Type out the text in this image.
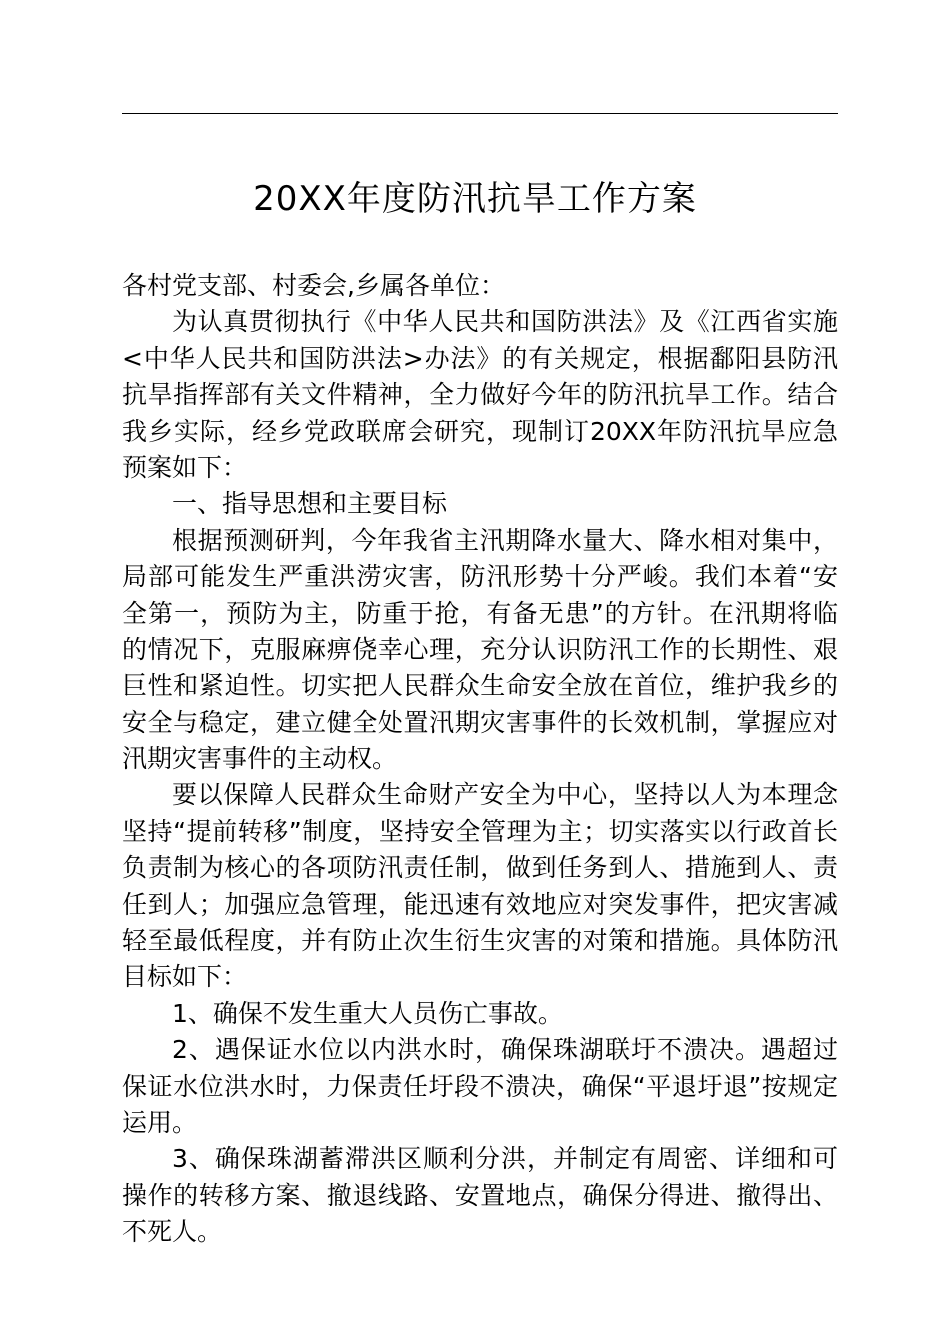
20XX年度防汛抗旱工作方案
各村党支部、村委会,乡属各单位：
为认真贯彻执行《中华人民共和国防洪法》及《江西省实施
<中华人民共和国防洪法>办法》的有关规定，根据鄱阳县防汛
抗旱指挥部有关文件精神，全力做好今年的防汛抗旱工作。结合
我乡实际，经乡党政联席会研究，现制订20XX年防汛抗旱应急
预案如下：
一、指导思想和主要目标
根据预测研判，今年我省主汛期降水量大、降水相对集中，
局部可能发生严重洪涝灾害，防汛形势十分严峻。我们本着“安
全第一，预防为主，防重于抢，有备无患”的方针。在汛期将临
的情况下，克服麻痹侥幸心理，充分认识防汛工作的长期性、艰
巨性和紧迫性。切实把人民群众生命安全放在首位，维护我乡的
安全与稳定，建立健全处置汛期灾害事件的长效机制，掌握应对
汛期灾害事件的主动权。
要以保障人民群众生命财产安全为中心，坚持以人为本理念
坚持“提前转移”制度，坚持安全管理为主；切实落实以行政首长
负责制为核心的各项防汛责任制，做到任务到人、措施到人、责
任到人；加强应急管理，能迅速有效地应对突发事件，把灾害减
轻至最低程度，并有防止次生衍生灾害的对策和措施。具体防汛
目标如下：
1、确保不发生重大人员伤亡事故。
2、遇保证水位以内洪水时，确保珠湖联圩不溃决。遇超过
保证水位洪水时，力保责任圩段不溃决，确保“平退圩退”按规定
运用。
3、确保珠湖蓄滞洪区顺利分洪，并制定有周密、详细和可
操作的转移方案、撤退线路、安置地点，确保分得进、撤得出、
不死人。
